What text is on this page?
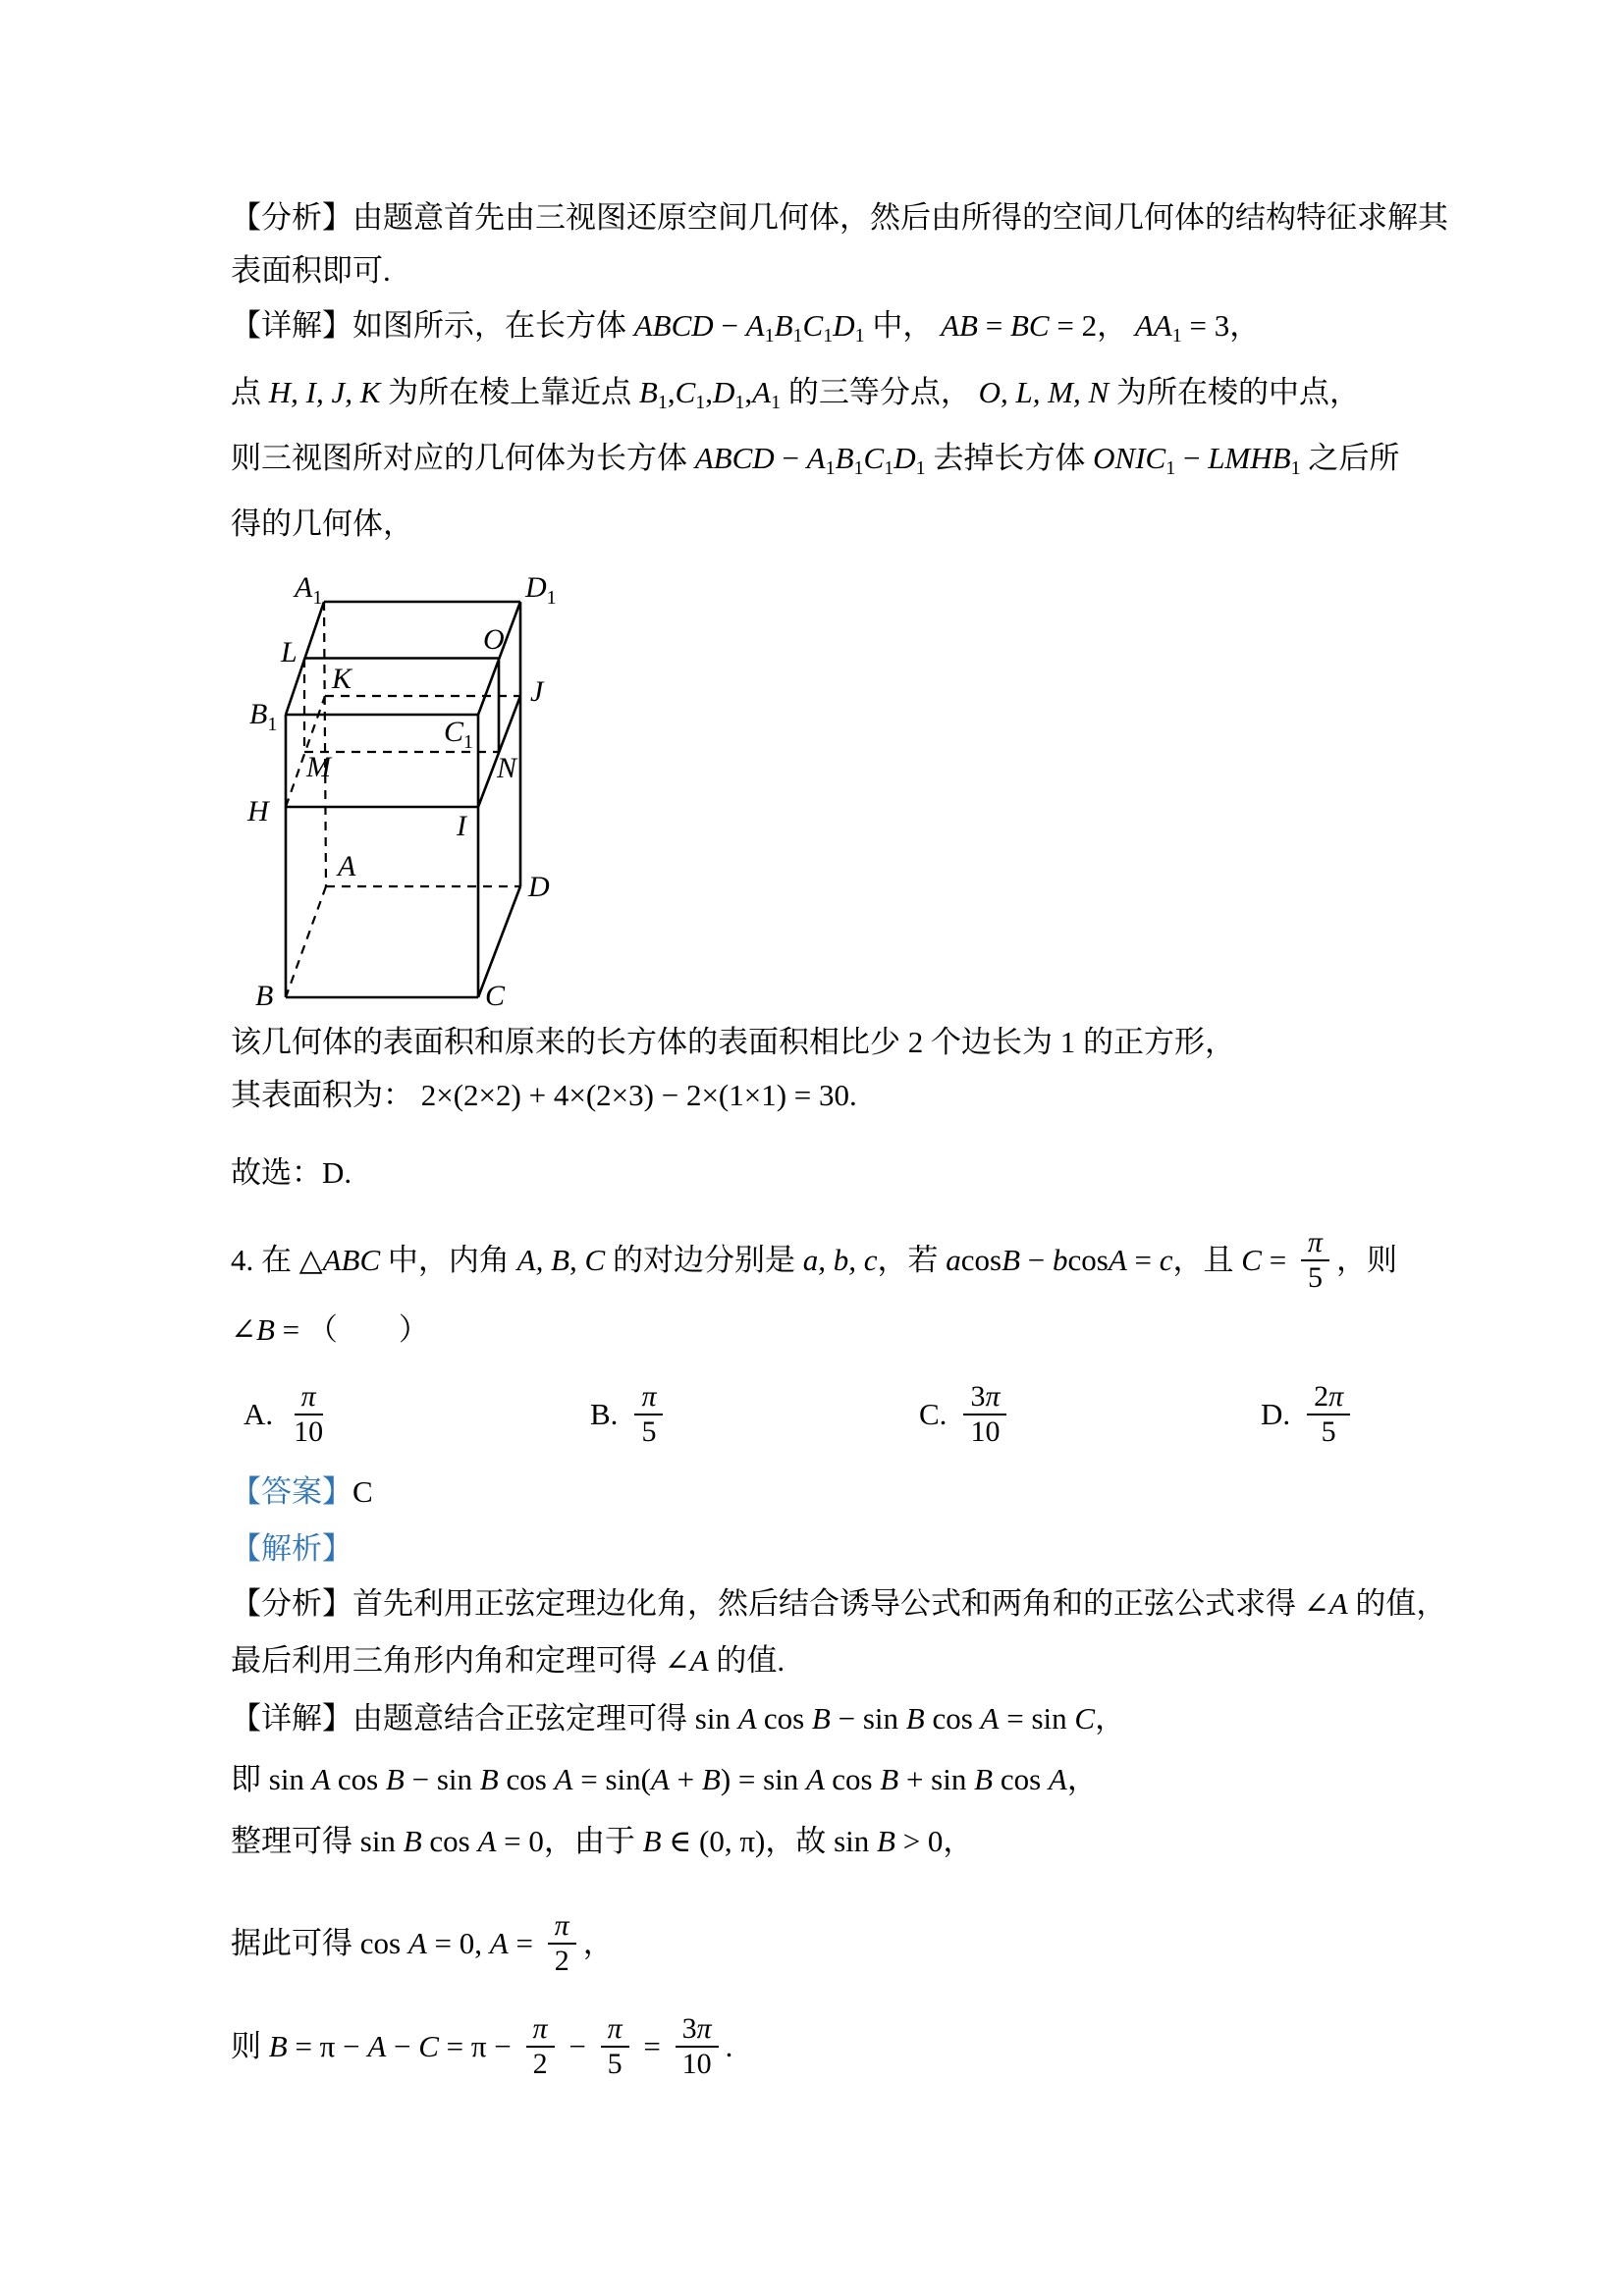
【分析】由题意首先由三视图还原空间几何体，然后由所得的空间几何体的结构特征求解其
表面积即可.
【详解】如图所示，在长方体 ABCD − $A_1$ $B_1$ $C_1$ $D_1$ 中， AB = BC = 2 ， $AA_1 = 3$ ，
点 H, I, J, K 为所在棱上靠近点 $B_1$ , $C_1$ , $D_1$ , $A_1$ 的三等分点， O, L, M, N 为所在棱的中点，
则三视图所对应的几何体为长方体 ABCD − $A_1$ $B_1$ $C_1$ $D_1$ 去掉长方体 $ONIC_1$ − $LMHB_1$ 之后所
得的几何体，
$A_1$	$D_1$
L	O
K	J
$B_1$	$C_1$
M	N
H	I
A
D
B	C
该几何体的表面积和原来的长方体的表面积相比少 2 个边长为 1 的正方形，
其表面积为： 2×(2×2) + 4×(2×3) − 2×(1×1) = 30 .
故选： D.
4. 在 △ ABC 中，内角 A, B, C 的对边分别是 a, b, c ，若 a cos B − b cos A = c ，且 $C = \frac{\pi}{5}$ ，则
∠ B = （　　）
A. $\frac{\pi}{10}$	B. $\frac{\pi}{5}$	C. $\frac{3\pi}{10}$	D. $\frac{2\pi}{5}$
【答案】 C
【解析】
【分析】首先利用正弦定理边化角，然后结合诱导公式和两角和的正弦公式求得 ∠ A 的值，
最后利用三角形内角和定理可得 ∠ A 的值.
【详解】由题意结合正弦定理可得 sin A cos B − sin B cos A = sin C ，
即 sin A cos B − sin B cos A = sin( A + B ) = sin A cos B + sin B cos A ，
整理可得 sin B cos A = 0 ，由于 B ∈ (0, π) ，故 sin B > 0 ，
据此可得 cos A = 0, $A = \frac{\pi}{2}$ ，
则 $B = \pi - A - C = \pi - \frac{\pi}{2} - \frac{\pi}{5} = \frac{3\pi}{10}$ .
